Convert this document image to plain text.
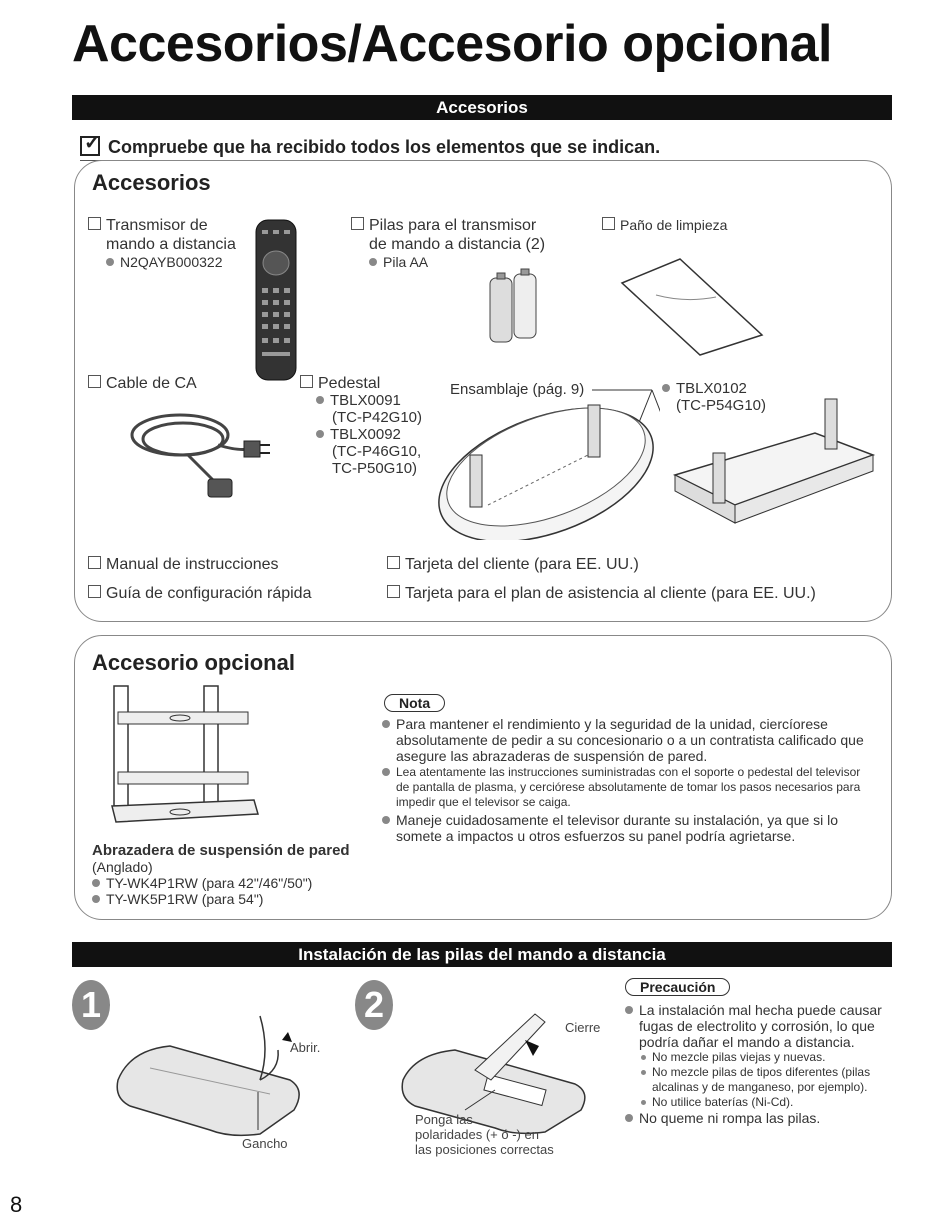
Accesorios/Accesorio opcional
Accesorios
✓Compruebe que ha recibido todos los elementos que se indican.
Accesorios
Transmisor de
mando a distancia
N2QAYB000322
Pilas para el transmisor
de mando a distancia (2)
Pila AA
Paño de limpieza
Cable de CA	Pedestal
TBLX0091
(TC-P42G10)
TBLX0092
(TC-P46G10,
TC-P50G10)
Ensamblaje (pág. 9)	TBLX0102
(TC-P54G10)
Manual de instrucciones
Guía de configuración rápida
Tarjeta del cliente (para EE. UU.)
Tarjeta para el plan de asistencia al cliente (para EE. UU.)
Accesorio opcional
Abrazadera de suspensión de pared
(Anglado)
TY-WK4P1RW (para 42"/46"/50")
TY-WK5P1RW (para 54")
Nota
Para mantener el rendimiento y la seguridad de la unidad, ciercíorese absolutamente de pedir a su concesionario o a un contratista calificado que asegure las abrazaderas de suspensión de pared.
Lea atentamente las instrucciones suministradas con el soporte o pedestal del televisor de pantalla de plasma, y cerciórese absolutamente de tomar los pasos necesarios para impedir que el televisor se caiga.
Maneje cuidadosamente el televisor durante su instalación, ya que si lo somete a impactos u otros esfuerzos su panel podría agrietarse.
Instalación de las pilas del mando a distancia
1
Abrir.
Gancho
2
Cierre
Ponga las
polaridades (+ ó -) en
las posiciones correctas
Precaución
La instalación mal hecha puede causar fugas de electrolito y corrosión, lo que podría dañar el mando a distancia.
No mezcle pilas viejas y nuevas.
No mezcle pilas de tipos diferentes (pilas alcalinas y de manganeso, por ejemplo).
No utilice baterías (Ni-Cd).
No queme ni rompa las pilas.
8
